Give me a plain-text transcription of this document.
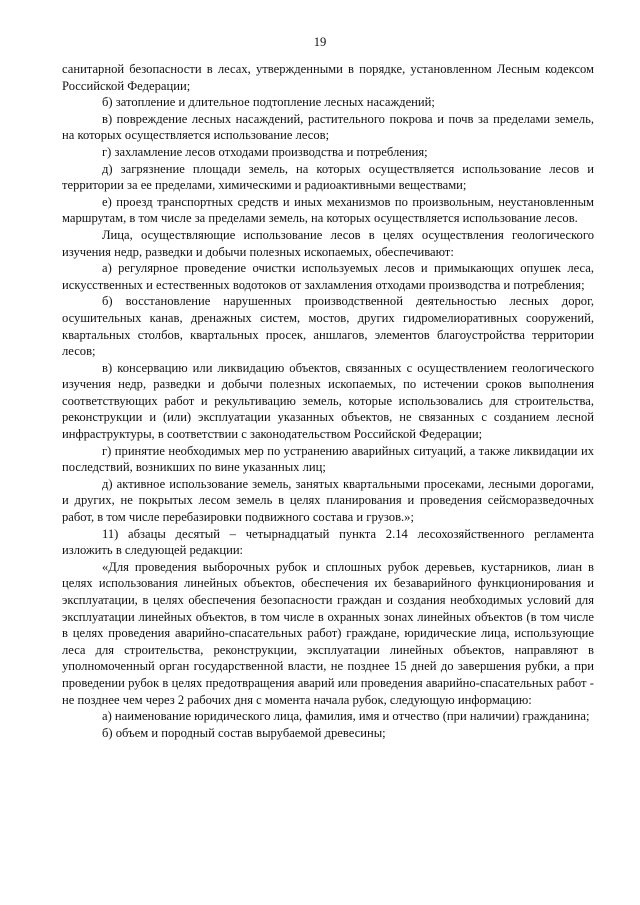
19

санитарной безопасности в лесах, утвержденными в порядке, установленном Лесным кодексом Российской Федерации;

б) затопление и длительное подтопление лесных насаждений;

в) повреждение лесных насаждений, растительного покрова и почв за пределами земель, на которых осуществляется использование лесов;

г) захламление лесов отходами производства и потребления;

д) загрязнение площади земель, на которых осуществляется использование лесов и территории за ее пределами, химическими и радиоактивными веществами;

е) проезд транспортных средств и иных механизмов по произвольным, неустановленным маршрутам, в том числе за пределами земель, на которых осуществляется использование лесов.

Лица, осуществляющие использование лесов в целях осуществления геологического изучения недр, разведки и добычи полезных ископаемых, обеспечивают:

а) регулярное проведение очистки используемых лесов и примыкающих опушек леса, искусственных и естественных водотоков от захламления отходами производства и потребления;

б) восстановление нарушенных производственной деятельностью лесных дорог, осушительных канав, дренажных систем, мостов, других гидромелиоративных сооружений, квартальных столбов, квартальных просек, аншлагов, элементов благоустройства территории лесов;

в) консервацию или ликвидацию объектов, связанных с осуществлением геологического изучения недр, разведки и добычи полезных ископаемых, по истечении сроков выполнения соответствующих работ и рекультивацию земель, которые использовались для строительства, реконструкции и (или) эксплуатации указанных объектов, не связанных с созданием лесной инфраструктуры, в соответствии с законодательством Российской Федерации;

г) принятие необходимых мер по устранению аварийных ситуаций, а также ликвидации их последствий, возникших по вине указанных лиц;

д) активное использование земель, занятых квартальными просеками, лесными дорогами, и других, не покрытых лесом земель в целях планирования и проведения сейсморазведочных работ, в том числе перебазировки подвижного состава и грузов.»;

11) абзацы десятый – четырнадцатый пункта 2.14 лесохозяйственного регламента изложить в следующей редакции:

«Для проведения выборочных рубок и сплошных рубок деревьев, кустарников, лиан в целях использования линейных объектов, обеспечения их безаварийного функционирования и эксплуатации, в целях обеспечения безопасности граждан и создания необходимых условий для эксплуатации линейных объектов, в том числе в охранных зонах линейных объектов (в том числе в целях проведения аварийно-спасательных работ) граждане, юридические лица, использующие леса для строительства, реконструкции, эксплуатации линейных объектов, направляют в уполномоченный орган государственной власти, не позднее 15 дней до завершения рубки, а при проведении рубок в целях предотвращения аварий или проведения аварийно-спасательных работ - не позднее чем через 2 рабочих дня с момента начала рубок, следующую информацию:

а) наименование юридического лица, фамилия, имя и отчество (при наличии) гражданина;

б) объем и породный состав вырубаемой древесины;
